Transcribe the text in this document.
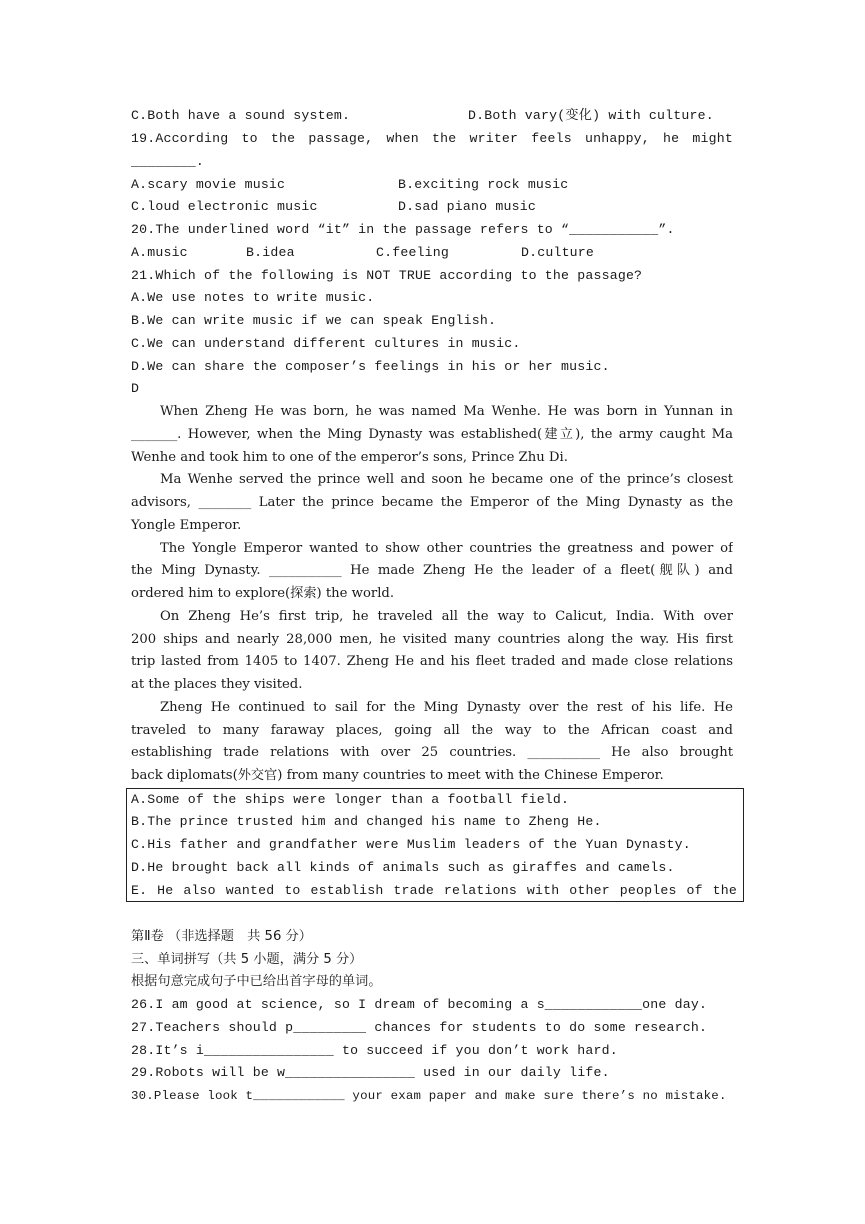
C.Both have a sound system.	D.Both vary(变化) with culture.
19.According to the passage, when the writer feels unhappy, he might
________.
A.scary movie music	B.exciting rock music
C.loud electronic music	D.sad piano music
20.The underlined word “it” in the passage refers to “___________”.
A.music	B.idea	C.feeling	D.culture
21.Which of the following is NOT TRUE according to the passage?
A.We use notes to write music.
B.We can write music if we can speak English.
C.We can understand different cultures in music.
D.We can share the composer’s feelings in his or her music.
D
When Zheng He was born, he was named Ma Wenhe. He was born in Yunnan in
_______. However, when the Ming Dynasty was established(建立), the army caught Ma
Wenhe and took him to one of the emperor’s sons, Prince Zhu Di.
Ma Wenhe served the prince well and soon he became one of the prince’s closest
advisors, ________ Later the prince became the Emperor of the Ming Dynasty as the
Yongle Emperor.
The Yongle Emperor wanted to show other countries the greatness and power of
the Ming Dynasty. ___________ He made Zheng He the leader of a fleet(舰队) and
ordered him to explore(探索) the world.
On Zheng He’s first trip, he traveled all the way to Calicut, India. With over
200 ships and nearly 28,000 men, he visited many countries along the way. His first
trip lasted from 1405 to 1407. Zheng He and his fleet traded and made close relations
at the places they visited.
Zheng He continued to sail for the Ming Dynasty over the rest of his life. He
traveled to many faraway places, going all the way to the African coast and
establishing trade relations with over 25 countries. ___________ He also brought
back diplomats(外交官) from many countries to meet with the Chinese Emperor.
A.Some of the ships were longer than a football field.
B.The prince trusted him and changed his name to Zheng He.
C.His father and grandfather were Muslim leaders of the Yuan Dynasty.
D.He brought back all kinds of animals such as giraffes and camels.
E. He also wanted to establish trade relations with other peoples of the
第Ⅱ卷 （非选择题　共 56 分）
三、单词拼写（共 5 小题，满分 5 分）
根据句意完成句子中已给出首字母的单词。
26.I am good at science, so I dream of becoming a s____________one day.
27.Teachers should p_________ chances for students to do some research.
28.It’s i________________ to succeed if you don’t work hard.
29.Robots will be w________________ used in our daily life.
30.Please look t____________ your exam paper and make sure there’s no mistake.
